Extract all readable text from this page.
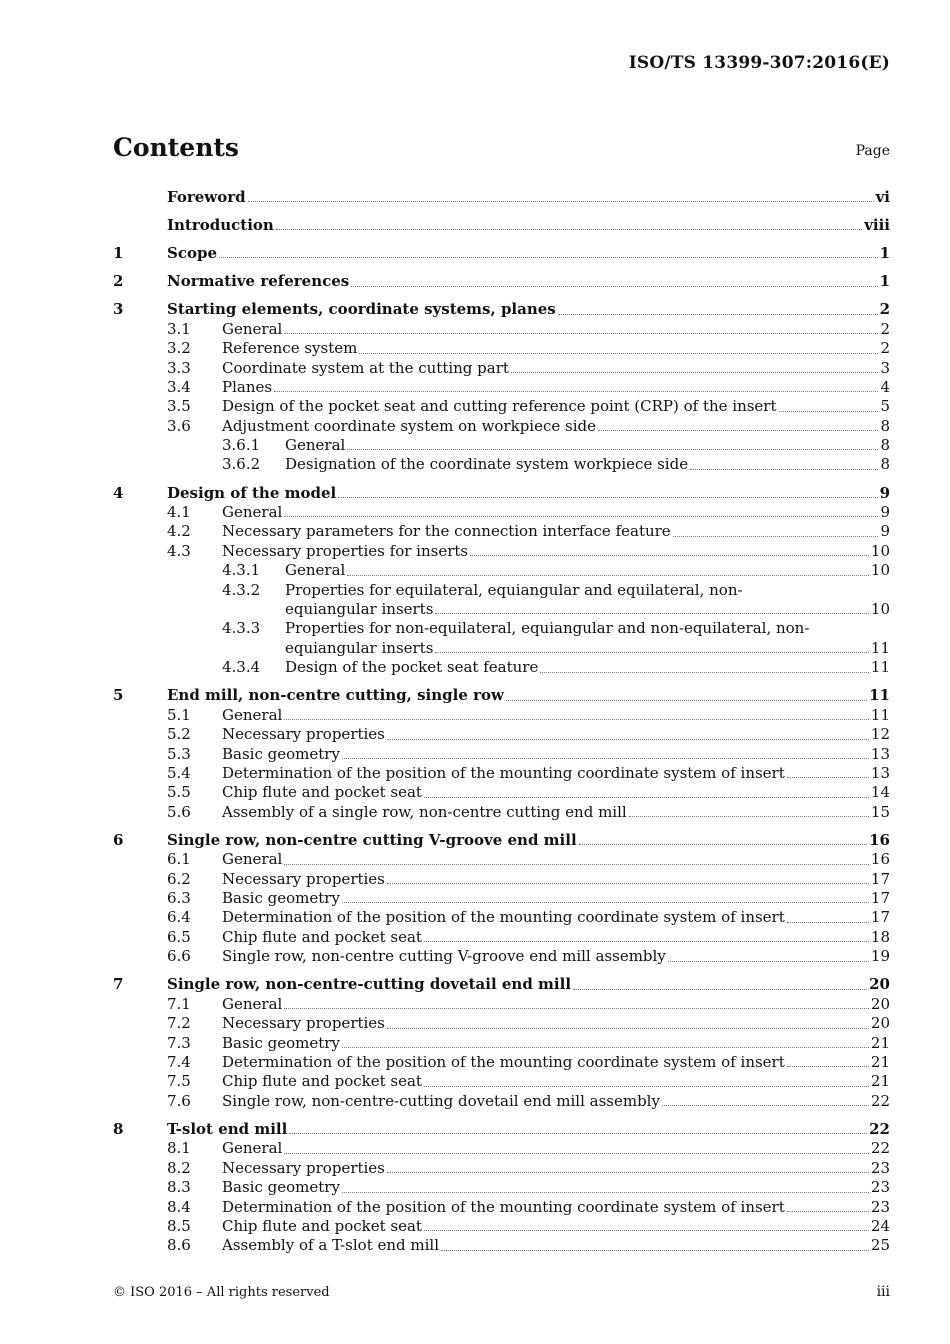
ISO/TS 13399-307:2016(E)
Contents	Page
Foreword	vi
Introduction	viii
1	Scope	1
2	Normative references	1
3	Starting elements, coordinate systems, planes	2
3.1	General	2
3.2	Reference system	2
3.3	Coordinate system at the cutting part	3
3.4	Planes	4
3.5	Design of the pocket seat and cutting reference point (CRP) of the insert	5
3.6	Adjustment coordinate system on workpiece side	8
3.6.1	General	8
3.6.2	Designation of the coordinate system workpiece side	8
4	Design of the model	9
4.1	General	9
4.2	Necessary parameters for the connection interface feature	9
4.3	Necessary properties for inserts	10
4.3.1	General	10
4.3.2	Properties for equilateral, equiangular and equilateral, non-
equiangular inserts	10
4.3.3	Properties for non-equilateral, equiangular and non-equilateral, non-
equiangular inserts	11
4.3.4	Design of the pocket seat feature	11
5	End mill, non-centre cutting, single row	11
5.1	General	11
5.2	Necessary properties	12
5.3	Basic geometry	13
5.4	Determination of the position of the mounting coordinate system of insert	13
5.5	Chip flute and pocket seat	14
5.6	Assembly of a single row, non-centre cutting end mill	15
6	Single row, non-centre cutting V-groove end mill	16
6.1	General	16
6.2	Necessary properties	17
6.3	Basic geometry	17
6.4	Determination of the position of the mounting coordinate system of insert	17
6.5	Chip flute and pocket seat	18
6.6	Single row, non-centre cutting V-groove end mill assembly	19
7	Single row, non-centre-cutting dovetail end mill	20
7.1	General	20
7.2	Necessary properties	20
7.3	Basic geometry	21
7.4	Determination of the position of the mounting coordinate system of insert	21
7.5	Chip flute and pocket seat	21
7.6	Single row, non-centre-cutting dovetail end mill assembly	22
8	T-slot end mill	22
8.1	General	22
8.2	Necessary properties	23
8.3	Basic geometry	23
8.4	Determination of the position of the mounting coordinate system of insert	23
8.5	Chip flute and pocket seat	24
8.6	Assembly of a T-slot end mill	25
© ISO 2016 – All rights reserved	iii
